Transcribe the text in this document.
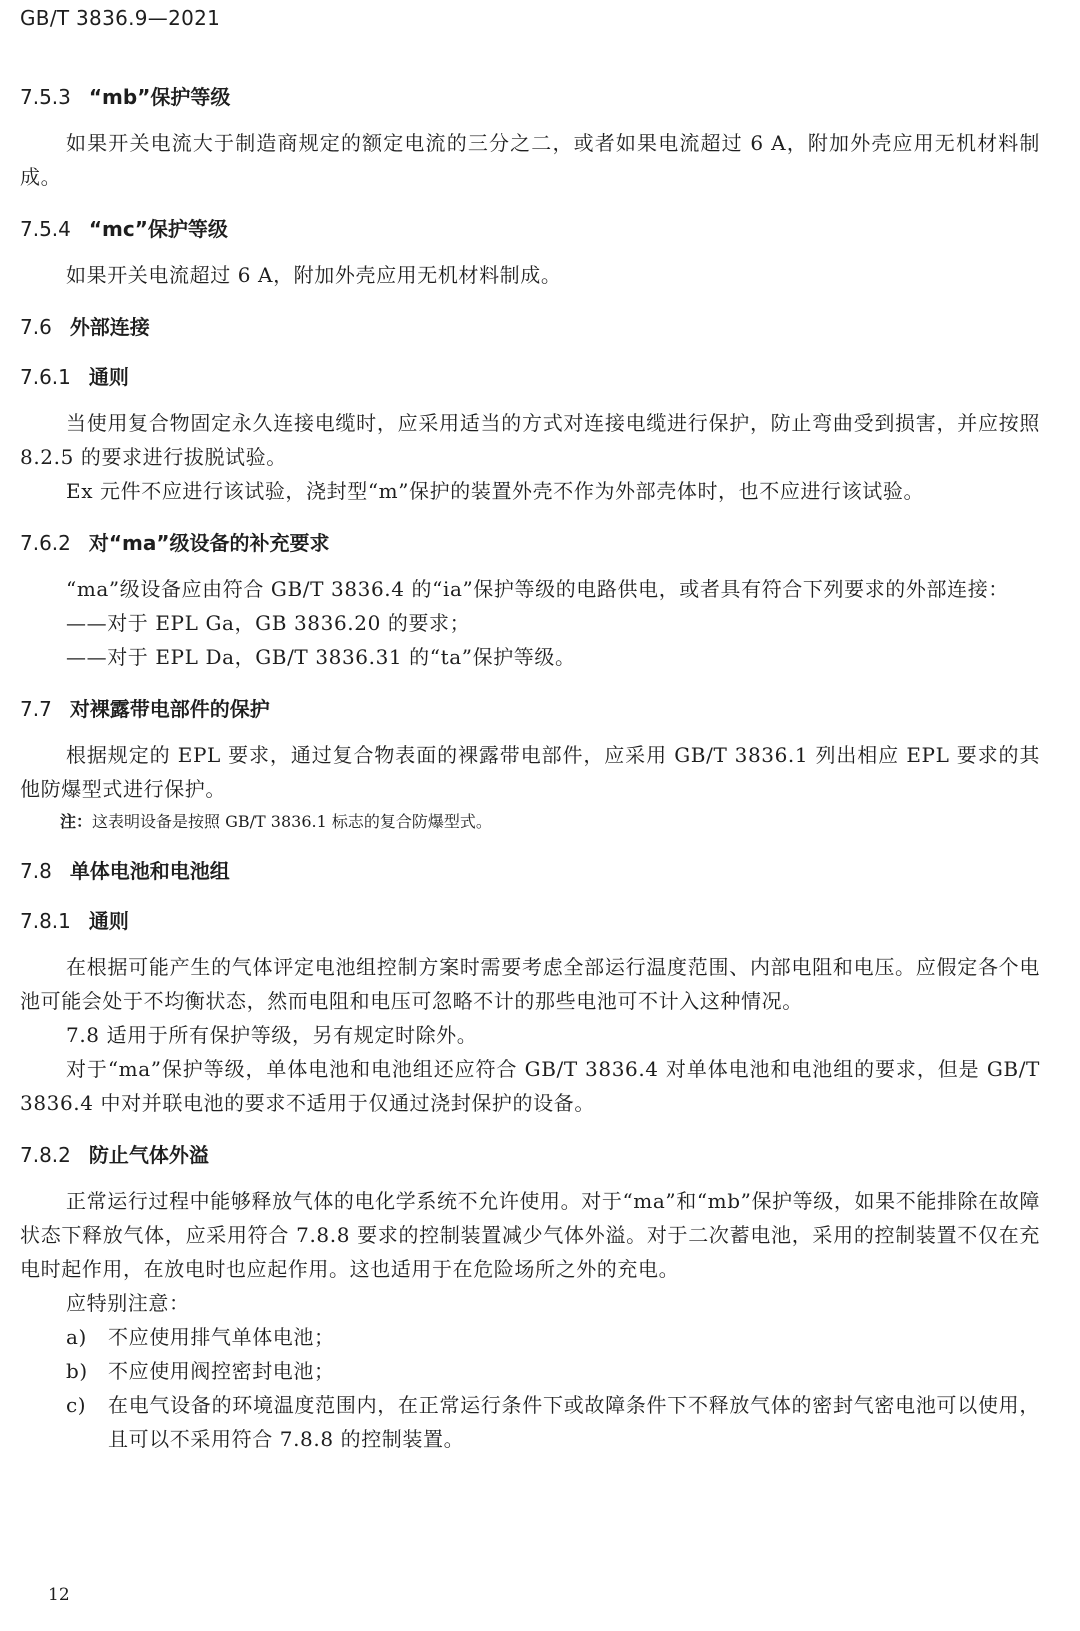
GB/T 3836.9—2021
7.5.3 “mb”保护等级

如果开关电流大于制造商规定的额定电流的三分之二，或者如果电流超过 6 A，附加外壳应用无机材料制成。

7.5.4 “mc”保护等级

如果开关电流超过 6 A，附加外壳应用无机材料制成。

7.6 外部连接
7.6.1 通则

当使用复合物固定永久连接电缆时，应采用适当的方式对连接电缆进行保护，防止弯曲受到损害，并应按照 8.2.5 的要求进行拔脱试验。

Ex 元件不应进行该试验，浇封型“m”保护的装置外壳不作为外部壳体时，也不应进行该试验。

7.6.2 对“ma”级设备的补充要求

“ma”级设备应由符合 GB/T 3836.4 的“ia”保护等级的电路供电，或者具有符合下列要求的外部连接：

——对于 EPL Ga，GB 3836.20 的要求；

——对于 EPL Da，GB/T 3836.31 的“ta”保护等级。

7.7 对裸露带电部件的保护

根据规定的 EPL 要求，通过复合物表面的裸露带电部件，应采用 GB/T 3836.1 列出相应 EPL 要求的其他防爆型式进行保护。

注：这表明设备是按照 GB/T 3836.1 标志的复合防爆型式。

7.8 单体电池和电池组
7.8.1 通则

在根据可能产生的气体评定电池组控制方案时需要考虑全部运行温度范围、内部电阻和电压。应假定各个电池可能会处于不均衡状态，然而电阻和电压可忽略不计的那些电池可不计入这种情况。

7.8 适用于所有保护等级，另有规定时除外。

对于“ma”保护等级，单体电池和电池组还应符合 GB/T 3836.4 对单体电池和电池组的要求，但是 GB/T 3836.4 中对并联电池的要求不适用于仅通过浇封保护的设备。

7.8.2 防止气体外溢

正常运行过程中能够释放气体的电化学系统不允许使用。对于“ma”和“mb”保护等级，如果不能排除在故障状态下释放气体，应采用符合 7.8.8 要求的控制装置减少气体外溢。对于二次蓄电池，采用的控制装置不仅在充电时起作用，在放电时也应起作用。这也适用于在危险场所之外的充电。

应特别注意：

a) 不应使用排气单体电池；

b) 不应使用阀控密封电池；

c) 在电气设备的环境温度范围内，在正常运行条件下或故障条件下不释放气体的密封气密电池可以使用，且可以不采用符合 7.8.8 的控制装置。

12
